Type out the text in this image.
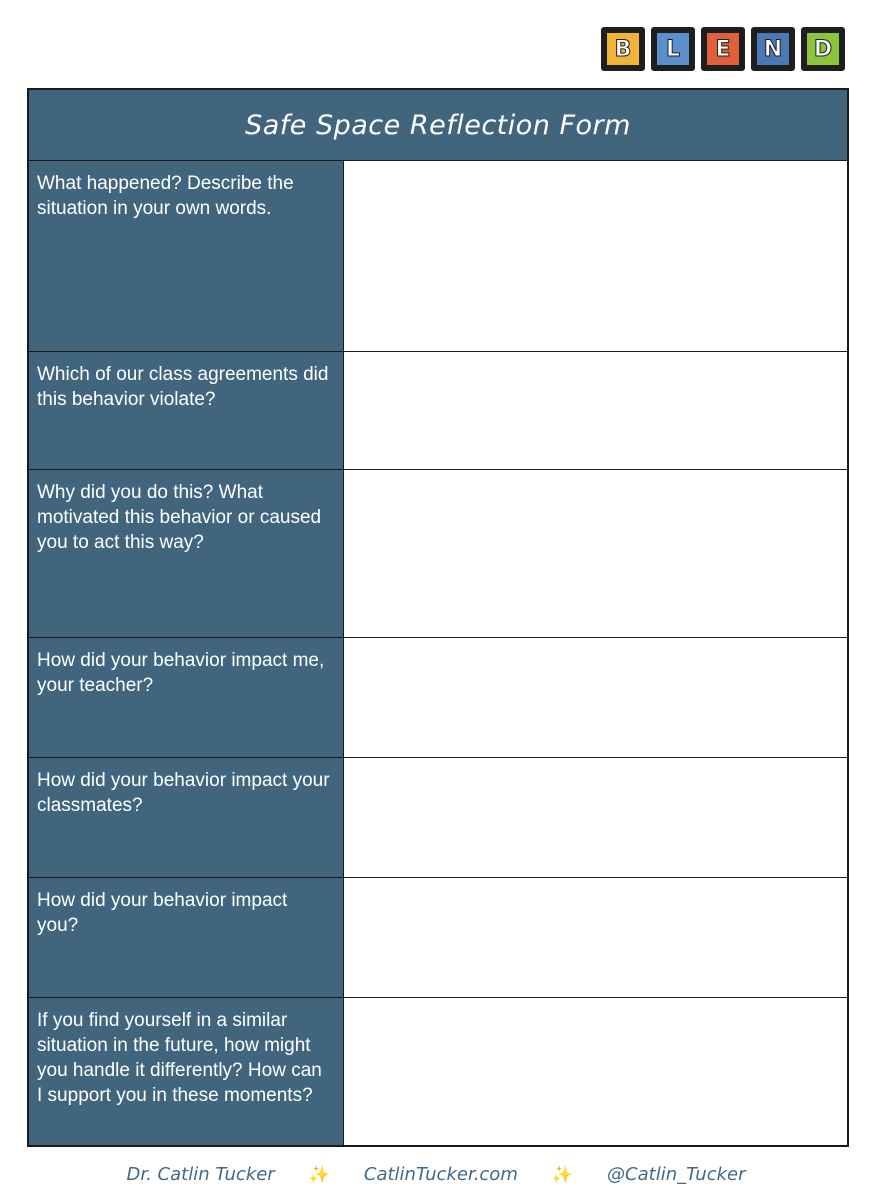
B	L	E	N	D
Safe Space Reflection Form
What happened? Describe the situation in your own words.
Which of our class agreements did this behavior violate?
Why did you do this? What motivated this behavior or caused you to act this way?
How did your behavior impact me, your teacher?
How did your behavior impact your classmates?
How did your behavior impact you?
If you find yourself in a similar situation in the future, how might you handle it differently? How can I support you in these moments?
Dr. Catlin Tucker ✨ CatlinTucker.com ✨ @Catlin_Tucker
